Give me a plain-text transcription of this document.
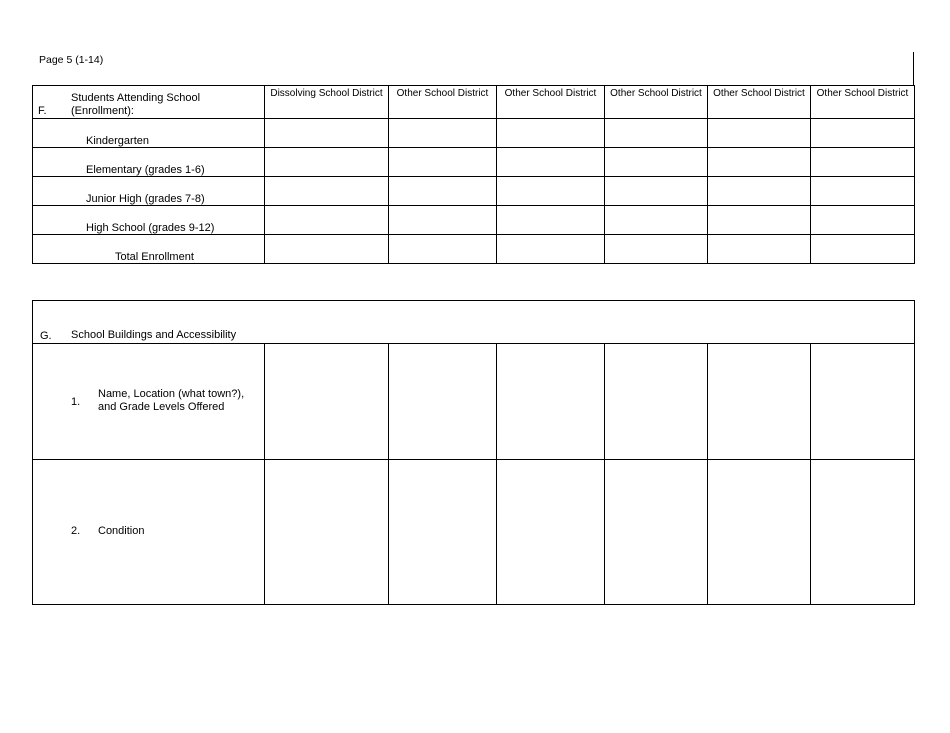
Page 5 (1-14)
F.
Students Attending School
(Enrollment):	Dissolving School District	Other School District	Other School District	Other School District	Other School District	Other School District

Kindergarten						

Elementary (grades 1-6)						

Junior High (grades 7-8)						

High School (grades 9-12)						

Total Enrollment						

G. School Buildings and Accessibility						

1.
Name, Location (what town?),
and Grade Levels Offered						

2. Condition						
